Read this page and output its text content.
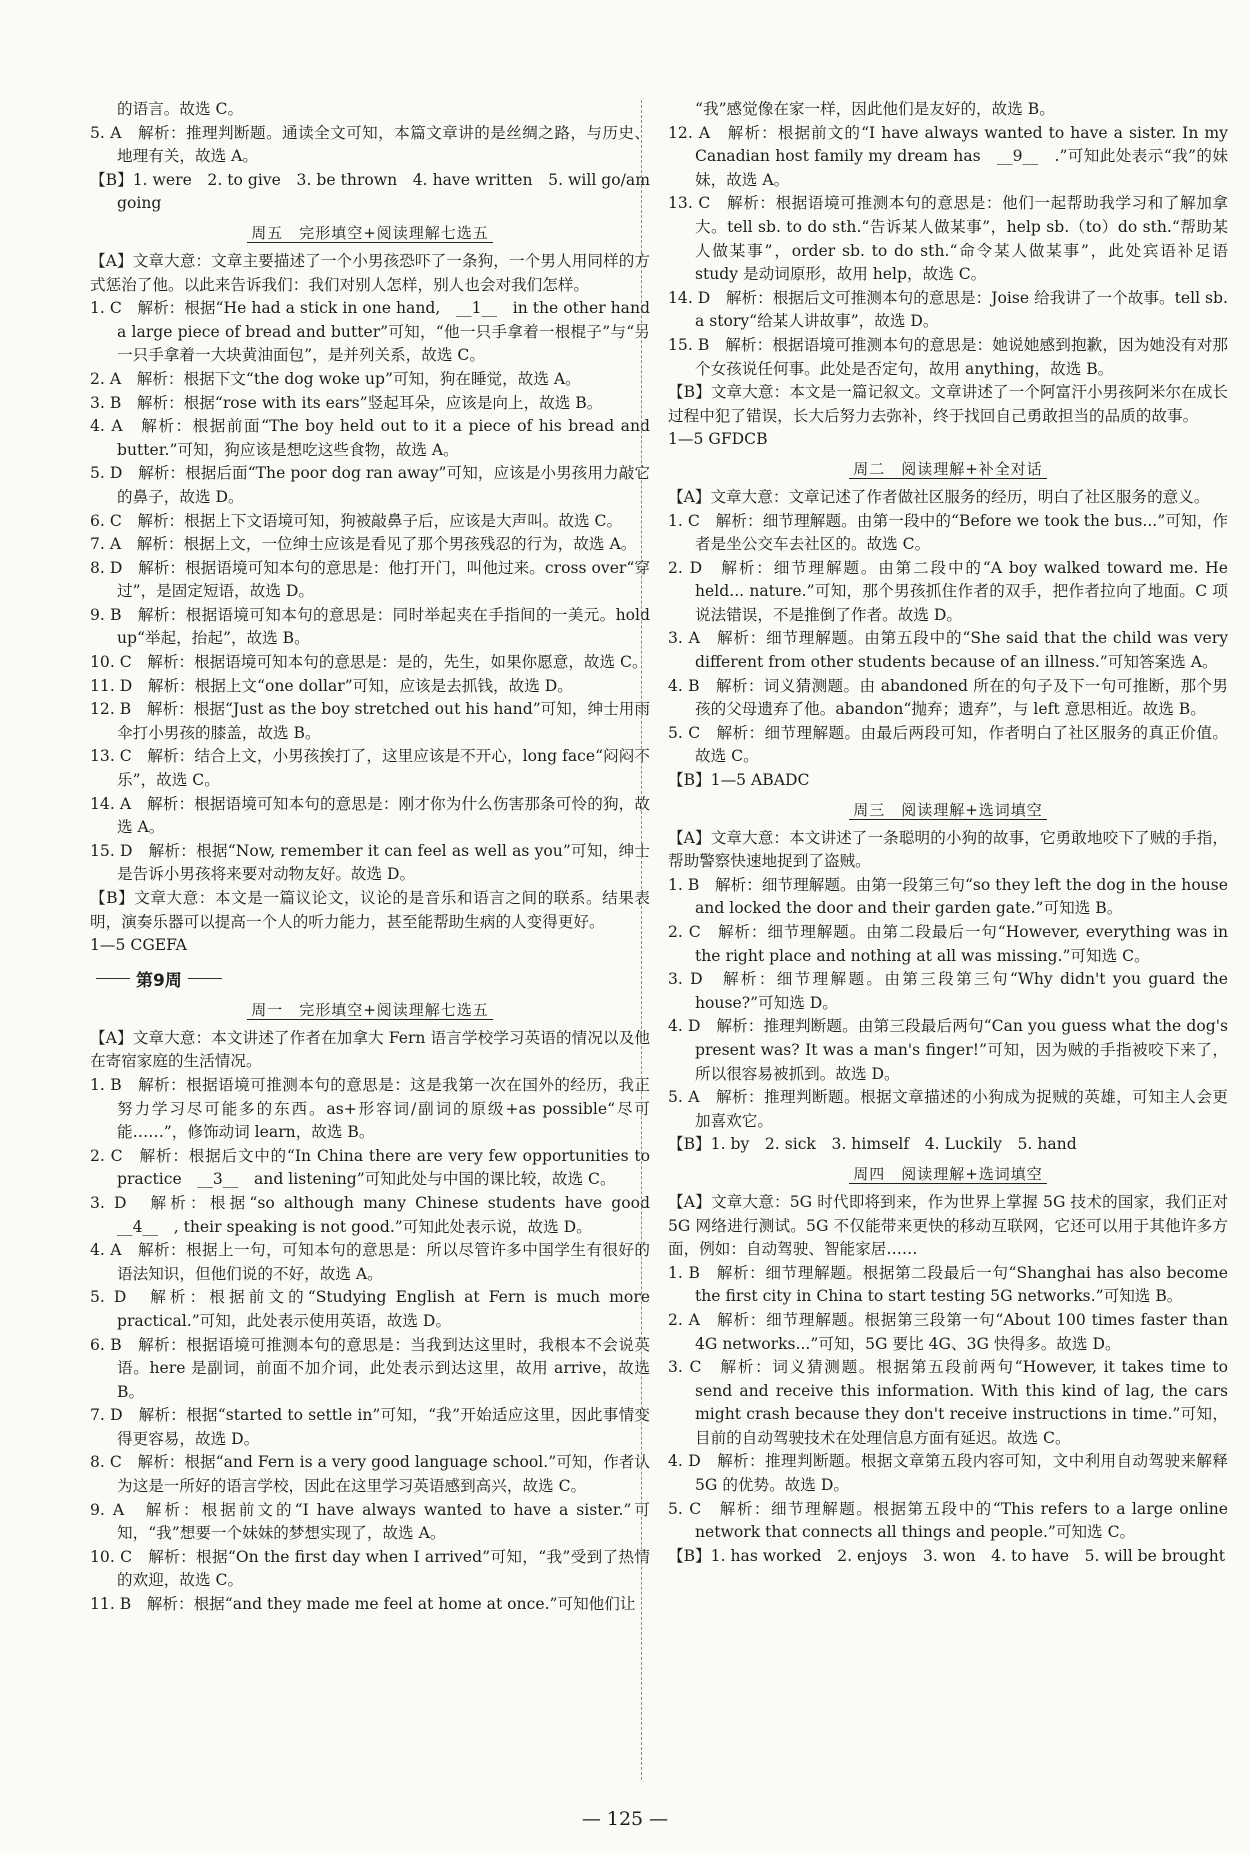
的语言。故选 C。

5. A　解析：推理判断题。通读全文可知，本篇文章讲的是丝绸之路，与历史、地理有关，故选 A。

【B】1. were　2. to give　3. be thrown　4. have written　5. will go/am going

周五　完形填空+阅读理解七选五

【A】文章大意：文章主要描述了一个小男孩恐吓了一条狗，一个男人用同样的方式惩治了他。以此来告诉我们：我们对别人怎样，别人也会对我们怎样。

1. C　解析：根据“He had a stick in one hand,　__1__　in the other hand a large piece of bread and butter”可知，“他一只手拿着一根棍子”与“另一只手拿着一大块黄油面包”，是并列关系，故选 C。

2. A　解析：根据下文“the dog woke up”可知，狗在睡觉，故选 A。

3. B　解析：根据“rose with its ears”竖起耳朵，应该是向上，故选 B。

4. A　解析：根据前面“The boy held out to it a piece of his bread and butter.”可知，狗应该是想吃这些食物，故选 A。

5. D　解析：根据后面“The poor dog ran away”可知，应该是小男孩用力敲它的鼻子，故选 D。

6. C　解析：根据上下文语境可知，狗被敲鼻子后，应该是大声叫。故选 C。

7. A　解析：根据上文，一位绅士应该是看见了那个男孩残忍的行为，故选 A。

8. D　解析：根据语境可知本句的意思是：他打开门，叫他过来。cross over“穿过”，是固定短语，故选 D。

9. B　解析：根据语境可知本句的意思是：同时举起夹在手指间的一美元。hold up“举起，抬起”，故选 B。

10. C　解析：根据语境可知本句的意思是：是的，先生，如果你愿意，故选 C。

11. D　解析：根据上文“one dollar”可知，应该是去抓钱，故选 D。

12. B　解析：根据“Just as the boy stretched out his hand”可知，绅士用雨伞打小男孩的膝盖，故选 B。

13. C　解析：结合上文，小男孩挨打了，这里应该是不开心，long face“闷闷不乐”，故选 C。

14. A　解析：根据语境可知本句的意思是：刚才你为什么伤害那条可怜的狗，故选 A。

15. D　解析：根据“Now, remember it can feel as well as you”可知，绅士是告诉小男孩将来要对动物友好。故选 D。

【B】文章大意：本文是一篇议论文，议论的是音乐和语言之间的联系。结果表明，演奏乐器可以提高一个人的听力能力，甚至能帮助生病的人变得更好。

1—5 CGEFA

第9周
周一　完形填空+阅读理解七选五

【A】文章大意：本文讲述了作者在加拿大 Fern 语言学校学习英语的情况以及他在寄宿家庭的生活情况。

1. B　解析：根据语境可推测本句的意思是：这是我第一次在国外的经历，我正努力学习尽可能多的东西。as+形容词/副词的原级+as possible“尽可能……”，修饰动词 learn，故选 B。

2. C　解析：根据后文中的“In China there are very few opportunities to practice　__3__　and listening”可知此处与中国的课比较，故选 C。

3. D　解析：根据“so although many Chinese students have good　__4__　, their speaking is not good.”可知此处表示说，故选 D。

4. A　解析：根据上一句，可知本句的意思是：所以尽管许多中国学生有很好的语法知识，但他们说的不好，故选 A。

5. D　解析：根据前文的“Studying English at Fern is much more practical.”可知，此处表示使用英语，故选 D。

6. B　解析：根据语境可推测本句的意思是：当我到达这里时，我根本不会说英语。here 是副词，前面不加介词，此处表示到达这里，故用 arrive，故选 B。

7. D　解析：根据“started to settle in”可知，“我”开始适应这里，因此事情变得更容易，故选 D。

8. C　解析：根据“and Fern is a very good language school.”可知，作者认为这是一所好的语言学校，因此在这里学习英语感到高兴，故选 C。

9. A　解析：根据前文的“I have always wanted to have a sister.”可知，“我”想要一个妹妹的梦想实现了，故选 A。

10. C　解析：根据“On the first day when I arrived”可知，“我”受到了热情的欢迎，故选 C。

11. B　解析：根据“and they made me feel at home at once.”可知他们让

“我”感觉像在家一样，因此他们是友好的，故选 B。

12. A　解析：根据前文的“I have always wanted to have a sister. In my Canadian host family my dream has　__9__　.”可知此处表示“我”的妹妹，故选 A。

13. C　解析：根据语境可推测本句的意思是：他们一起帮助我学习和了解加拿大。tell sb. to do sth.“告诉某人做某事”，help sb.（to）do sth.“帮助某人做某事”，order sb. to do sth.“命令某人做某事”，此处宾语补足语 study 是动词原形，故用 help，故选 C。

14. D　解析：根据后文可推测本句的意思是：Joise 给我讲了一个故事。tell sb. a story“给某人讲故事”，故选 D。

15. B　解析：根据语境可推测本句的意思是：她说她感到抱歉，因为她没有对那个女孩说任何事。此处是否定句，故用 anything，故选 B。

【B】文章大意：本文是一篇记叙文。文章讲述了一个阿富汗小男孩阿米尔在成长过程中犯了错误，长大后努力去弥补，终于找回自己勇敢担当的品质的故事。

1—5 GFDCB

周二　阅读理解+补全对话

【A】文章大意：文章记述了作者做社区服务的经历，明白了社区服务的意义。

1. C　解析：细节理解题。由第一段中的“Before we took the bus...”可知，作者是坐公交车去社区的。故选 C。

2. D　解析：细节理解题。由第二段中的“A boy walked toward me. He held... nature.”可知，那个男孩抓住作者的双手，把作者拉向了地面。C 项说法错误，不是推倒了作者。故选 D。

3. A　解析：细节理解题。由第五段中的“She said that the child was very different from other students because of an illness.”可知答案选 A。

4. B　解析：词义猜测题。由 abandoned 所在的句子及下一句可推断，那个男孩的父母遗弃了他。abandon“抛弃；遗弃”，与 left 意思相近。故选 B。

5. C　解析：细节理解题。由最后两段可知，作者明白了社区服务的真正价值。故选 C。

【B】1—5 ABADC

周三　阅读理解+选词填空

【A】文章大意：本文讲述了一条聪明的小狗的故事，它勇敢地咬下了贼的手指，帮助警察快速地捉到了盗贼。

1. B　解析：细节理解题。由第一段第三句“so they left the dog in the house and locked the door and their garden gate.”可知选 B。

2. C　解析：细节理解题。由第二段最后一句“However, everything was in the right place and nothing at all was missing.”可知选 C。

3. D　解析：细节理解题。由第三段第三句“Why didn't you guard the house?”可知选 D。

4. D　解析：推理判断题。由第三段最后两句“Can you guess what the dog's present was? It was a man's finger!”可知，因为贼的手指被咬下来了，所以很容易被抓到。故选 D。

5. A　解析：推理判断题。根据文章描述的小狗成为捉贼的英雄，可知主人会更加喜欢它。

【B】1. by　2. sick　3. himself　4. Luckily　5. hand

周四　阅读理解+选词填空

【A】文章大意：5G 时代即将到来，作为世界上掌握 5G 技术的国家，我们正对 5G 网络进行测试。5G 不仅能带来更快的移动互联网，它还可以用于其他许多方面，例如：自动驾驶、智能家居……

1. B　解析：细节理解题。根据第二段最后一句“Shanghai has also become the first city in China to start testing 5G networks.”可知选 B。

2. A　解析：细节理解题。根据第三段第一句“About 100 times faster than 4G networks...”可知，5G 要比 4G、3G 快得多。故选 D。

3. C　解析：词义猜测题。根据第五段前两句“However, it takes time to send and receive this information. With this kind of lag, the cars might crash because they don't receive instructions in time.”可知，目前的自动驾驶技术在处理信息方面有延迟。故选 C。

4. D　解析：推理判断题。根据文章第五段内容可知，文中利用自动驾驶来解释 5G 的优势。故选 D。

5. C　解析：细节理解题。根据第五段中的“This refers to a large online network that connects all things and people.”可知选 C。

【B】1. has worked　2. enjoys　3. won　4. to have　5. will be brought

— 125 —
